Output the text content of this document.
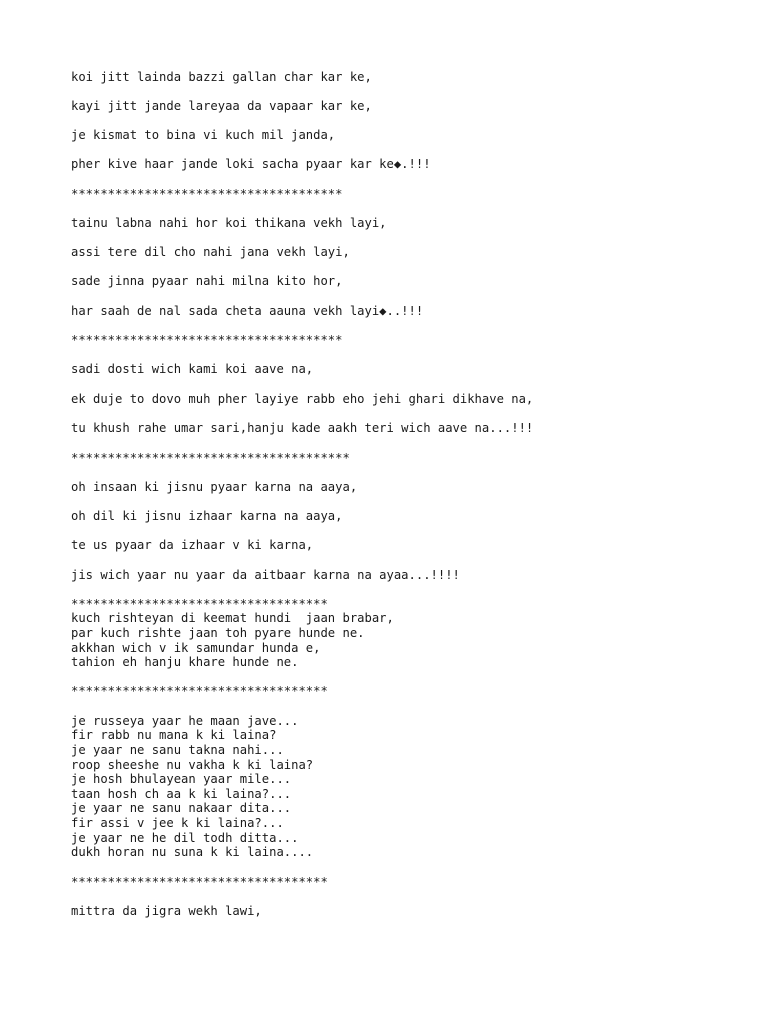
koi jitt lainda bazzi gallan char kar ke,

kayi jitt jande lareyaa da vapaar kar ke,

je kismat to bina vi kuch mil janda,

pher kive haar jande loki sacha pyaar kar ke◆.!!!

*************************************

tainu labna nahi hor koi thikana vekh layi,

assi tere dil cho nahi jana vekh layi,

sade jinna pyaar nahi milna kito hor,

har saah de nal sada cheta aauna vekh layi◆..!!!

*************************************

sadi dosti wich kami koi aave na,

ek duje to dovo muh pher layiye rabb eho jehi ghari dikhave na,

tu khush rahe umar sari,hanju kade aakh teri wich aave na...!!!

**************************************

oh insaan ki jisnu pyaar karna na aaya,

oh dil ki jisnu izhaar karna na aaya,

te us pyaar da izhaar v ki karna,

jis wich yaar nu yaar da aitbaar karna na ayaa...!!!!

***********************************

kuch rishteyan di keemat hundi  jaan brabar,

par kuch rishte jaan toh pyare hunde ne.

akkhan wich v ik samundar hunda e,

tahion eh hanju khare hunde ne.

***********************************

je russeya yaar he maan jave...

fir rabb nu mana k ki laina?

je yaar ne sanu takna nahi...

roop sheeshe nu vakha k ki laina?

je hosh bhulayean yaar mile...

taan hosh ch aa k ki laina?...

je yaar ne sanu nakaar dita...

fir assi v jee k ki laina?...

je yaar ne he dil todh ditta...

dukh horan nu suna k ki laina....

***********************************

mittra da jigra wekh lawi,
